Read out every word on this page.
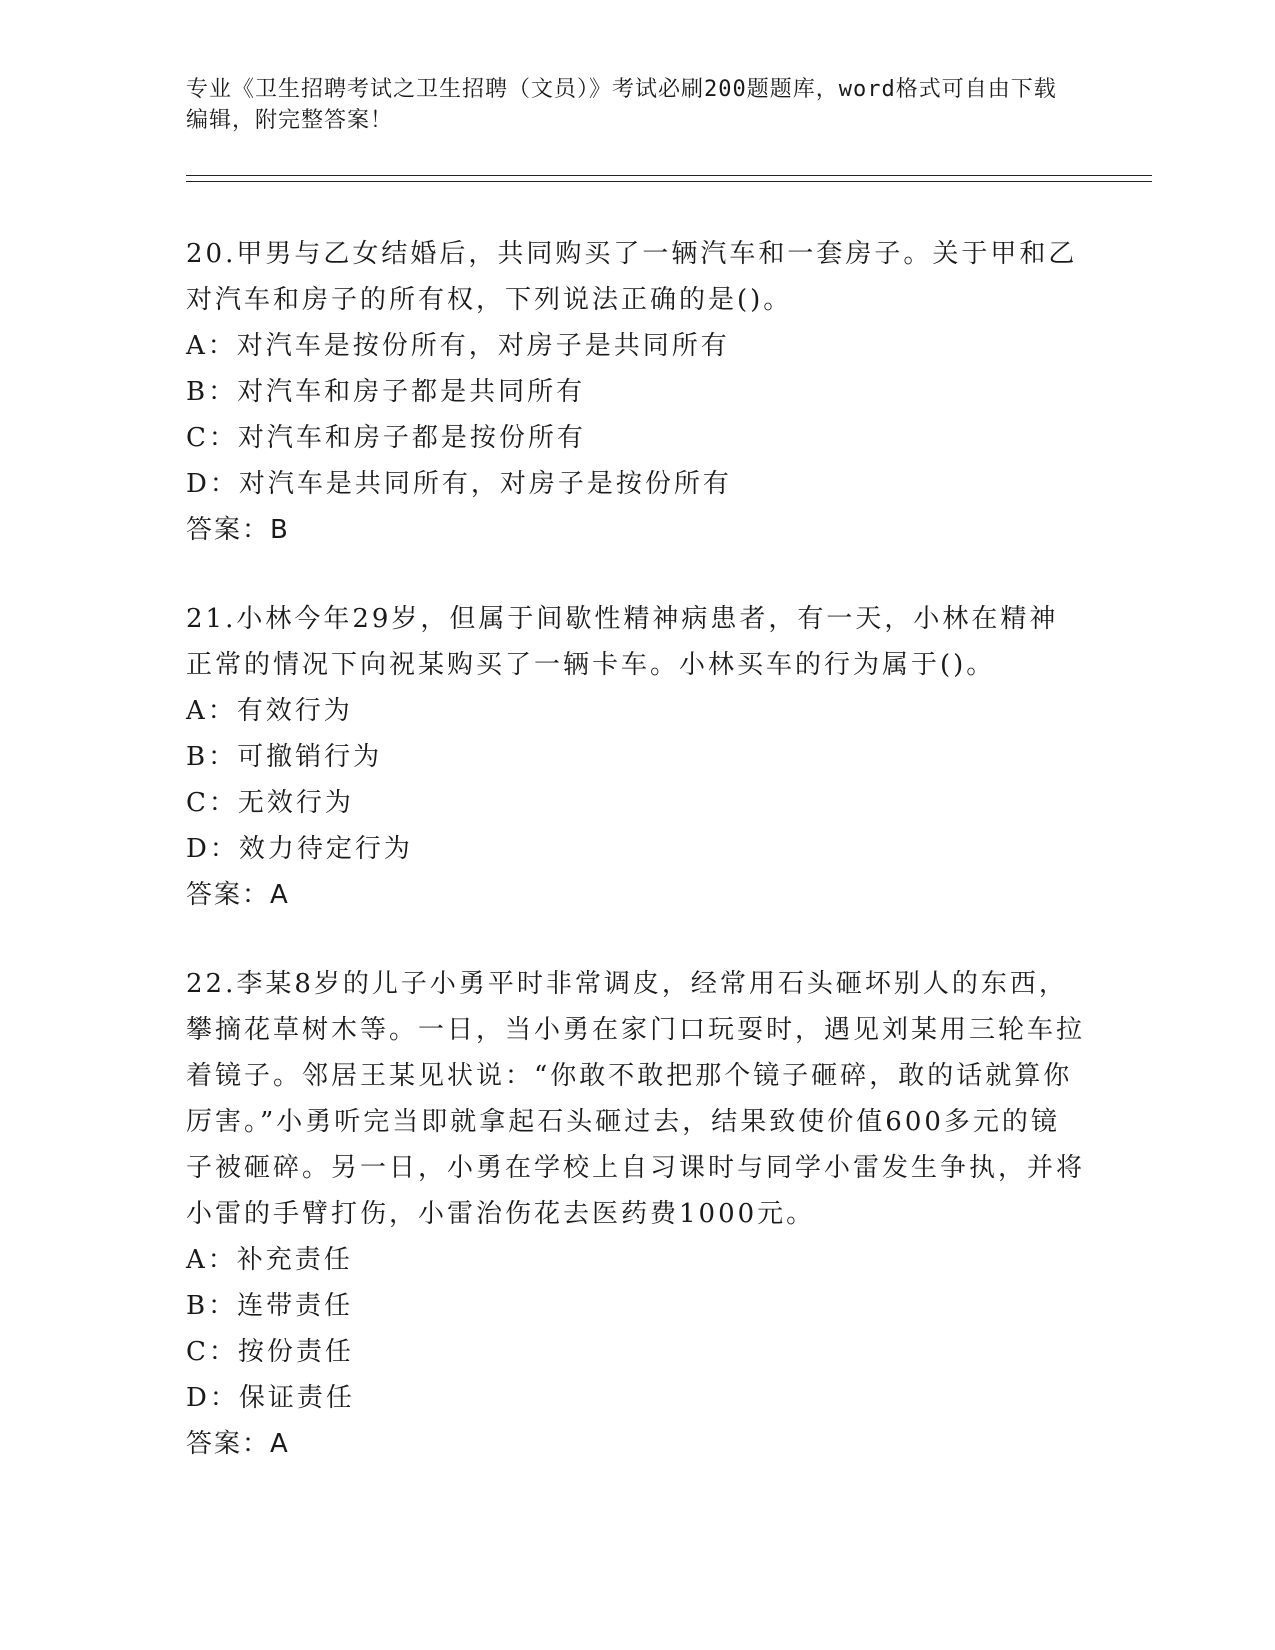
专业《卫生招聘考试之卫生招聘（文员）》考试必刷200题题库，word格式可自由下载编辑，附完整答案！

20.甲男与乙女结婚后，共同购买了一辆汽车和一套房子。关于甲和乙对汽车和房子的所有权，下列说法正确的是()。

A：对汽车是按份所有，对房子是共同所有

B：对汽车和房子都是共同所有

C：对汽车和房子都是按份所有

D：对汽车是共同所有，对房子是按份所有

答案：B

21.小林今年29岁，但属于间歇性精神病患者，有一天，小林在精神正常的情况下向祝某购买了一辆卡车。小林买车的行为属于()。

A：有效行为

B：可撤销行为

C：无效行为

D：效力待定行为

答案：A

22.李某8岁的儿子小勇平时非常调皮，经常用石头砸坏别人的东西，攀摘花草树木等。一日，当小勇在家门口玩耍时，遇见刘某用三轮车拉着镜子。邻居王某见状说：“你敢不敢把那个镜子砸碎，敢的话就算你厉害。”小勇听完当即就拿起石头砸过去，结果致使价值600多元的镜子被砸碎。另一日，小勇在学校上自习课时与同学小雷发生争执，并将小雷的手臂打伤，小雷治伤花去医药费1000元。

A：补充责任

B：连带责任

C：按份责任

D：保证责任

答案：A
